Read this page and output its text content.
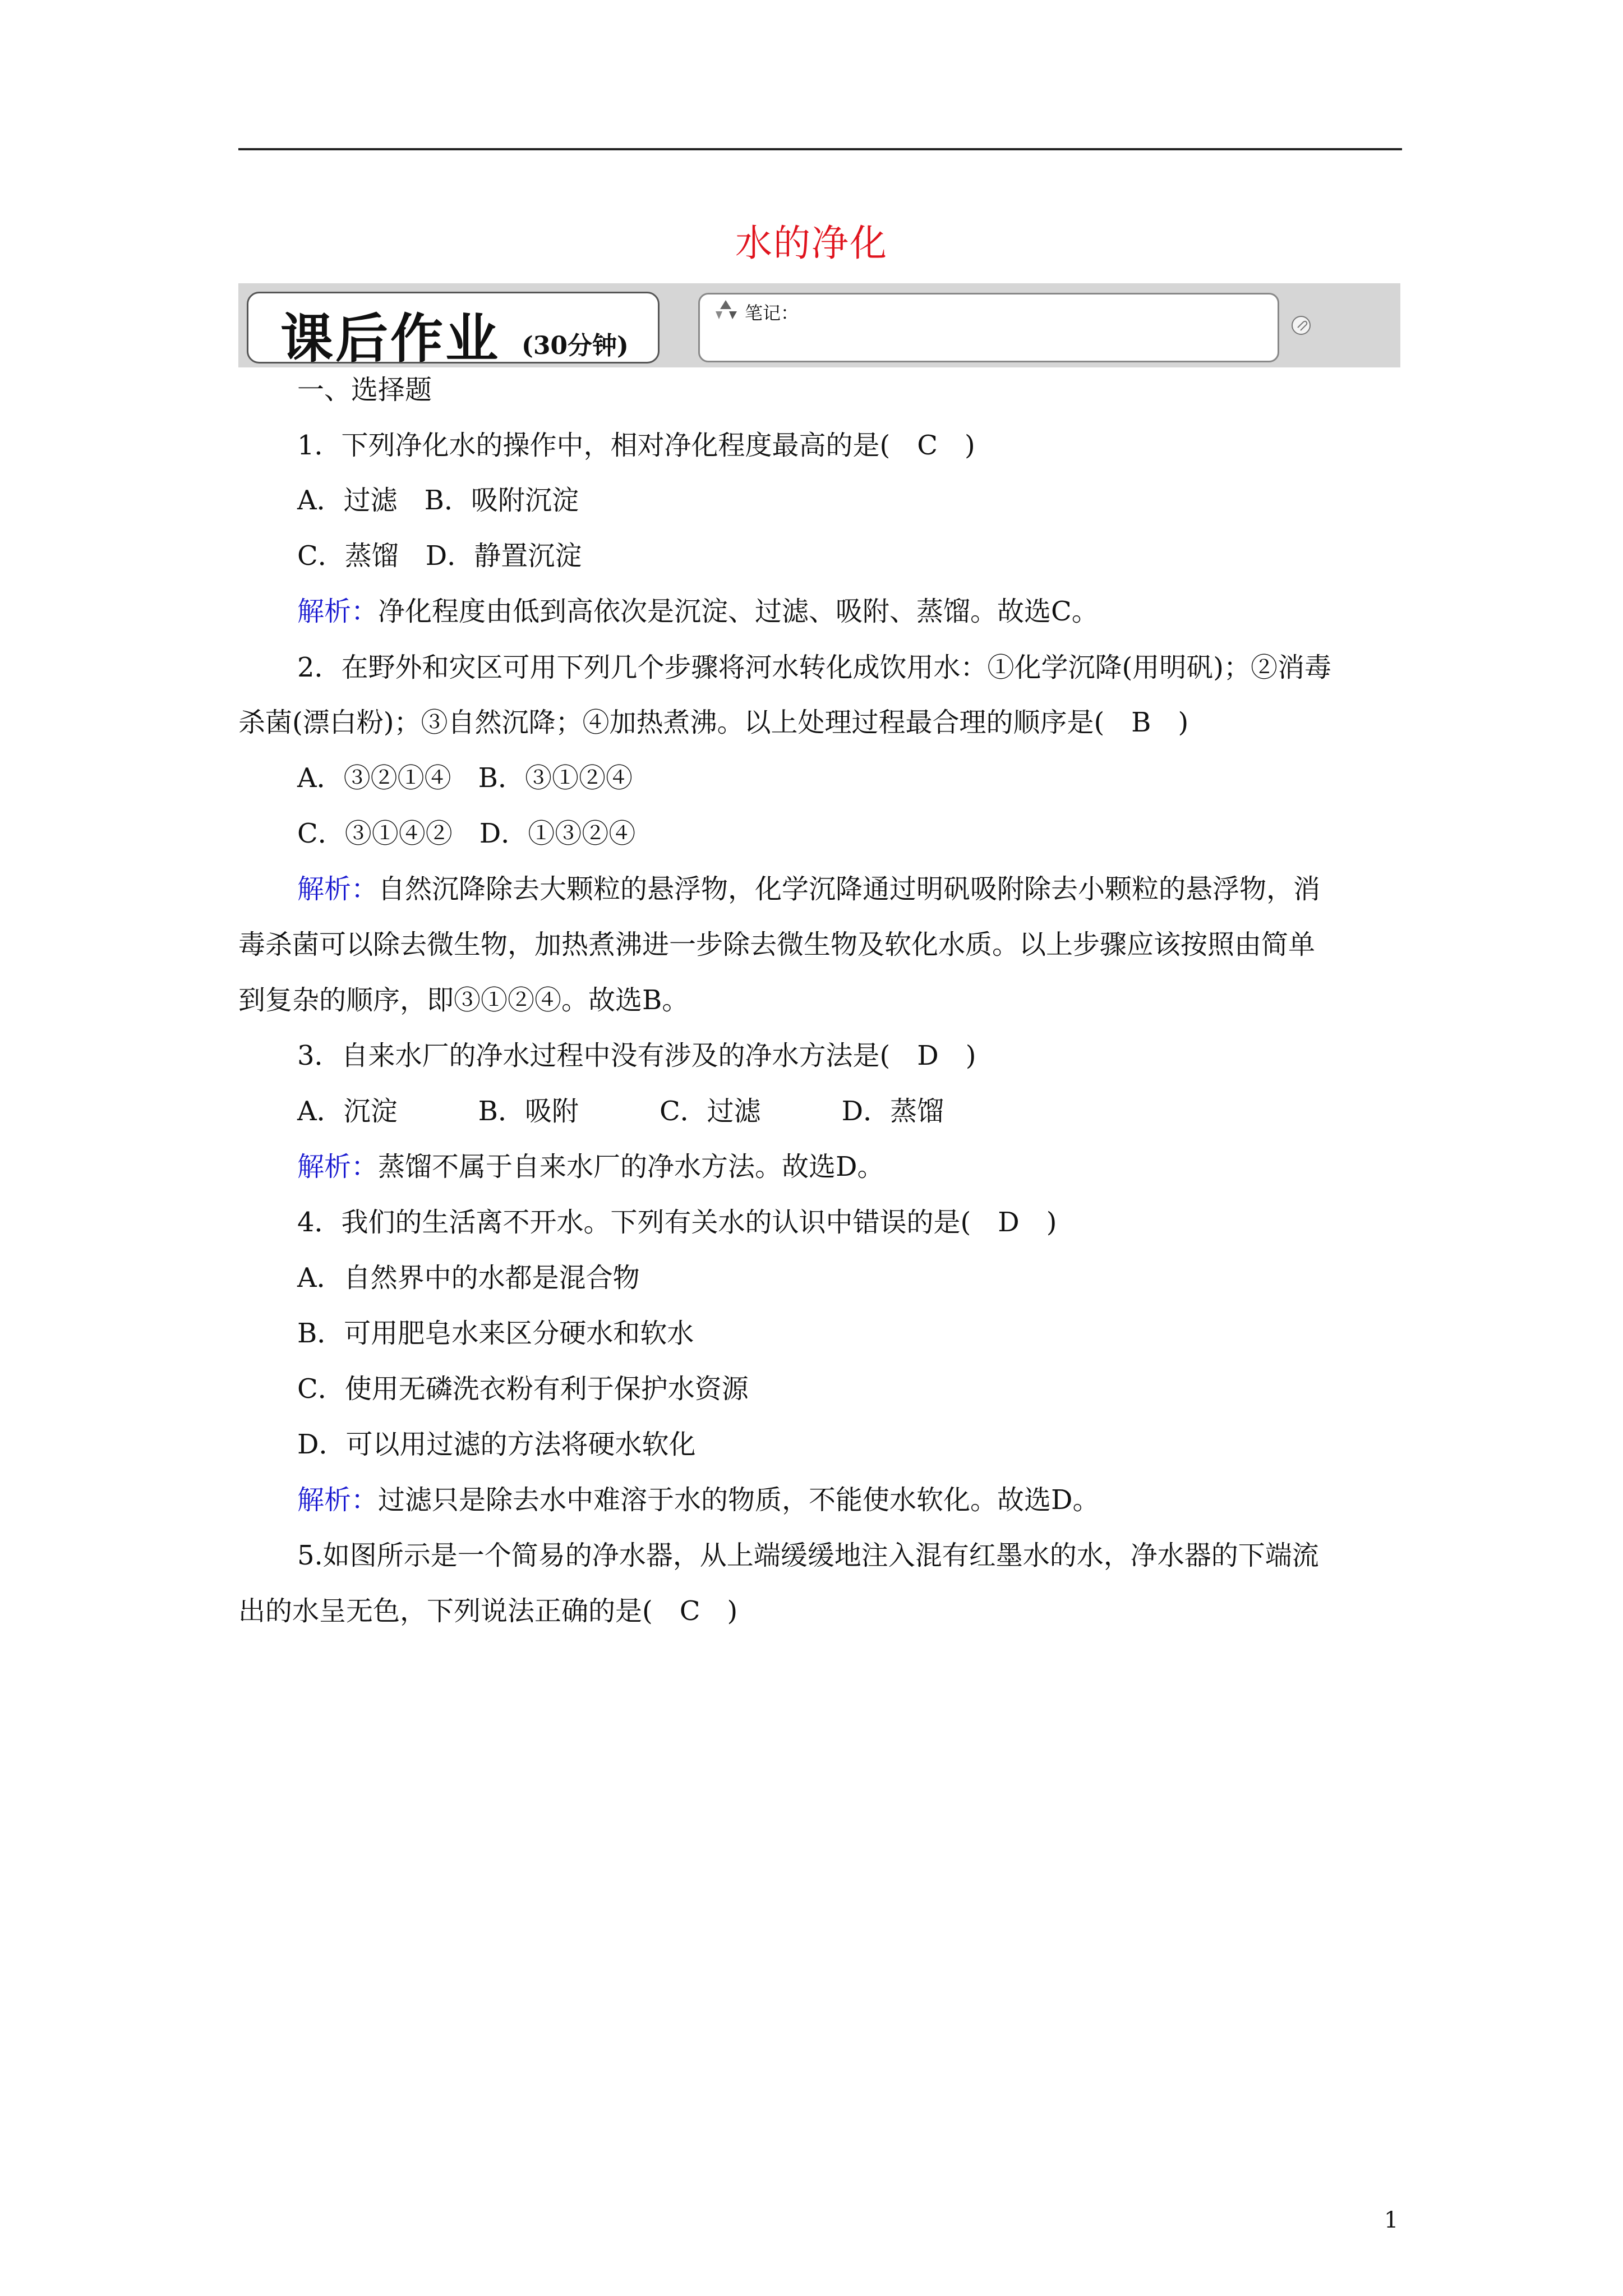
水的净化
课后作业 (30分钟)
笔记：
一、选择题
1．下列净化水的操作中，相对净化程度最高的是(　C　)
A．过滤　B．吸附沉淀
C．蒸馏　D．静置沉淀
解析：净化程度由低到高依次是沉淀、过滤、吸附、蒸馏。故选C。
2．在野外和灾区可用下列几个步骤将河水转化成饮用水：①化学沉降(用明矾)；②消毒
杀菌(漂白粉)；③自然沉降；④加热煮沸。以上处理过程最合理的顺序是(　B　)
A．③②①④　B．③①②④
C．③①④②　D．①③②④
解析：自然沉降除去大颗粒的悬浮物，化学沉降通过明矾吸附除去小颗粒的悬浮物，消
毒杀菌可以除去微生物，加热煮沸进一步除去微生物及软化水质。以上步骤应该按照由简单
到复杂的顺序，即③①②④。故选B。
3．自来水厂的净水过程中没有涉及的净水方法是(　D　)
A．沉淀　　　B．吸附　　　C．过滤　　　D．蒸馏
解析：蒸馏不属于自来水厂的净水方法。故选D。
4．我们的生活离不开水。下列有关水的认识中错误的是(　D　)
A．自然界中的水都是混合物
B．可用肥皂水来区分硬水和软水
C．使用无磷洗衣粉有利于保护水资源
D．可以用过滤的方法将硬水软化
解析：过滤只是除去水中难溶于水的物质，不能使水软化。故选D。
5.如图所示是一个简易的净水器，从上端缓缓地注入混有红墨水的水，净水器的下端流
出的水呈无色，下列说法正确的是(　C　)
1
